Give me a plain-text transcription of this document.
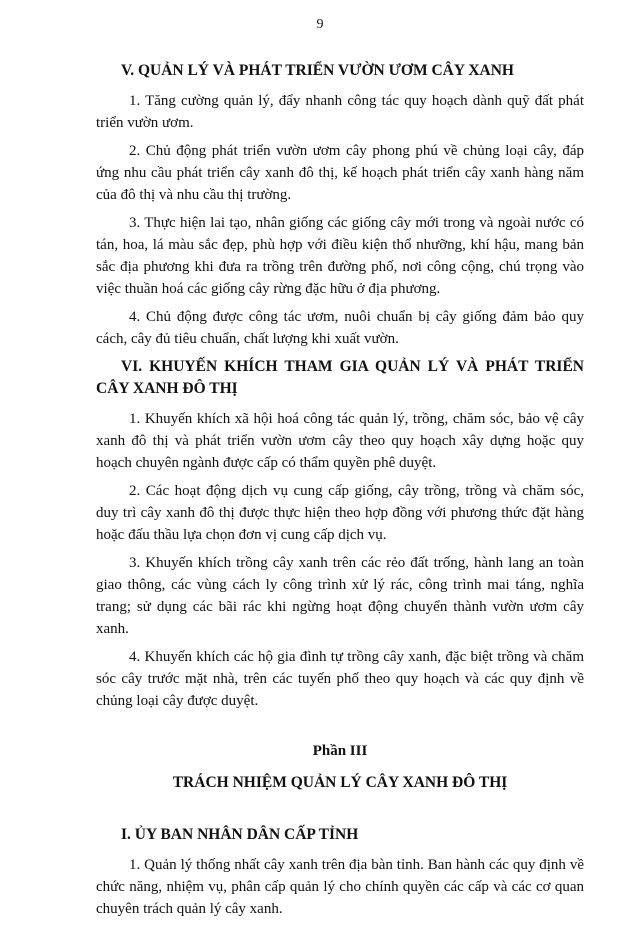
9
V. QUẢN LÝ VÀ PHÁT TRIỂN VƯỜN ƯƠM CÂY XANH

1. Tăng cường quản lý, đẩy nhanh công tác quy hoạch dành quỹ đất phát triển vườn ươm.

2. Chủ động phát triển vườn ươm cây phong phú về chủng loại cây, đáp ứng nhu cầu phát triển cây xanh đô thị, kế hoạch phát triển cây xanh hàng năm của đô thị và nhu cầu thị trường.

3. Thực hiện lai tạo, nhân giống các giống cây mới trong và ngoài nước có tán, hoa, lá màu sắc đẹp, phù hợp với điều kiện thổ nhưỡng, khí hậu, mang bản sắc địa phương khi đưa ra trồng trên đường phố, nơi công cộng, chú trọng vào việc thuần hoá các giống cây rừng đặc hữu ở địa phương.

4. Chủ động được công tác ươm, nuôi chuẩn bị cây giống đảm bảo quy cách, cây đủ tiêu chuẩn, chất lượng khi xuất vườn.

VI. KHUYẾN KHÍCH THAM GIA QUẢN LÝ VÀ PHÁT TRIỂN CÂY XANH ĐÔ THỊ

1. Khuyến khích xã hội hoá công tác quản lý, trồng, chăm sóc, bảo vệ cây xanh đô thị và phát triển vườn ươm cây theo quy hoạch xây dựng hoặc quy hoạch chuyên ngành được cấp có thẩm quyền phê duyệt.

2. Các hoạt động dịch vụ cung cấp giống, cây trồng, trồng và chăm sóc, duy trì cây xanh đô thị được thực hiện theo hợp đồng với phương thức đặt hàng hoặc đấu thầu lựa chọn đơn vị cung cấp dịch vụ.

3. Khuyến khích trồng cây xanh trên các rẻo đất trống, hành lang an toàn giao thông, các vùng cách ly công trình xử lý rác, công trình mai táng, nghĩa trang; sử dụng các bãi rác khi ngừng hoạt động chuyển thành vườn ươm cây xanh.

4. Khuyến khích các hộ gia đình tự trồng cây xanh, đặc biệt trồng và chăm sóc cây trước mặt nhà, trên các tuyến phố theo quy hoạch và các quy định về chủng loại cây được duyệt.

Phần III
TRÁCH NHIỆM QUẢN LÝ CÂY XANH ĐÔ THỊ
I. ỦY BAN NHÂN DÂN CẤP TỈNH

1. Quản lý thống nhất cây xanh trên địa bàn tỉnh. Ban hành các quy định về chức năng, nhiệm vụ, phân cấp quản lý cho chính quyền các cấp và các cơ quan chuyên trách quản lý cây xanh.
